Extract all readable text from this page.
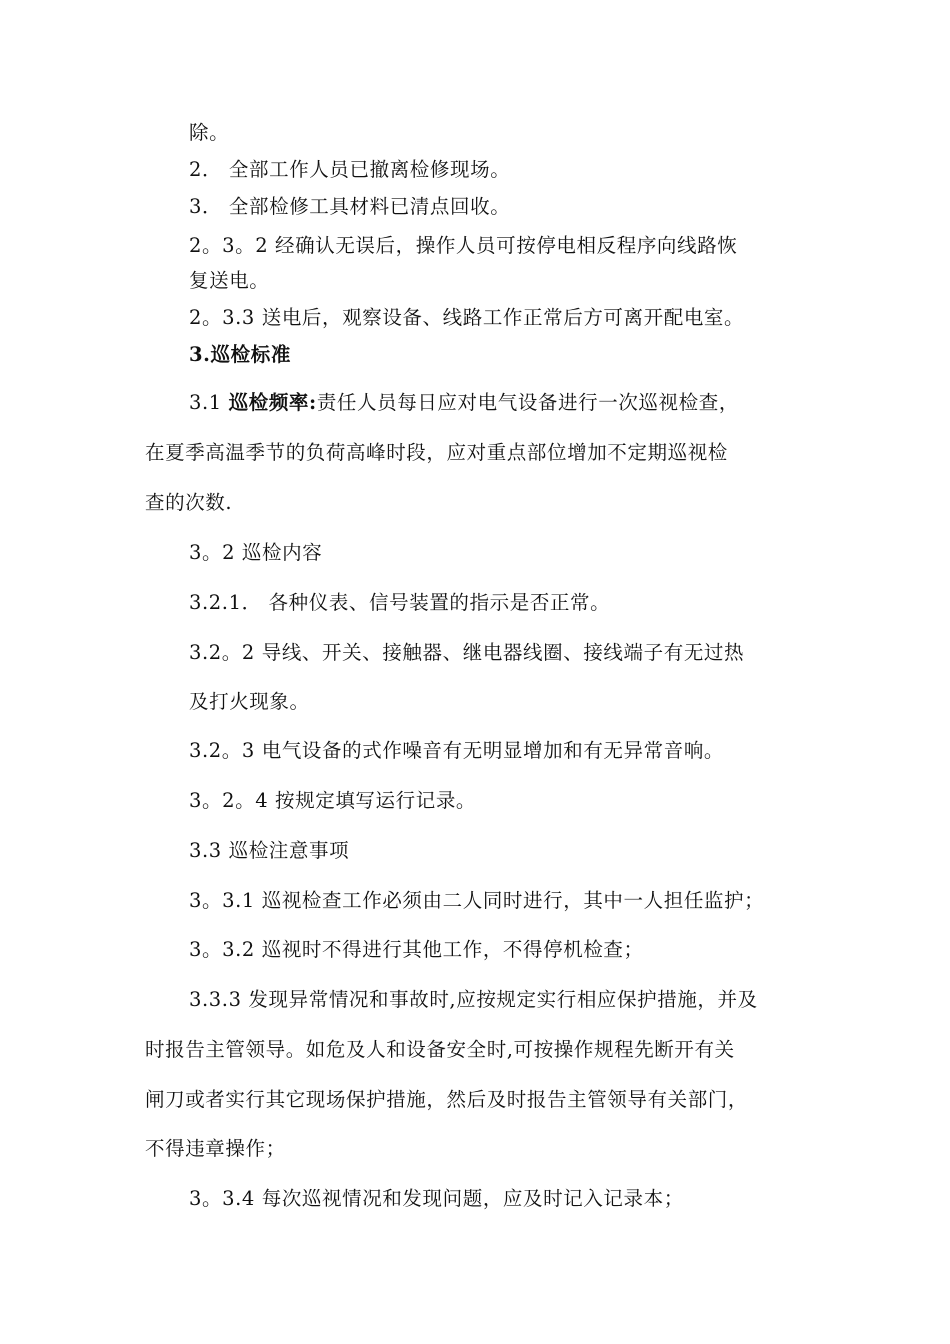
除。
2． 全部工作人员已撤离检修现场。
3． 全部检修工具材料已清点回收。
2。3。2 经确认无误后，操作人员可按停电相反程序向线路恢
复送电。
2。3.3 送电后，观察设备、线路工作正常后方可离开配电室。
3.巡检标准
3.1 巡检频率:责任人员每日应对电气设备进行一次巡视检查，
在夏季高温季节的负荷高峰时段，应对重点部位增加不定期巡视检
查的次数.
3。2 巡检内容
3.2.1． 各种仪表、信号装置的指示是否正常。
3.2。2 导线、开关、接触器、继电器线圈、接线端子有无过热
及打火现象。
3.2。3 电气设备的式作噪音有无明显增加和有无异常音响。
3。2。4 按规定填写运行记录。
3.3 巡检注意事项
3。3.1 巡视检查工作必须由二人同时进行，其中一人担任监护；
3。3.2 巡视时不得进行其他工作，不得停机检查；
3.3.3 发现异常情况和事故时,应按规定实行相应保护措施，并及
时报告主管领导。如危及人和设备安全时,可按操作规程先断开有关
闸刀或者实行其它现场保护措施，然后及时报告主管领导有关部门，
不得违章操作；
3。3.4 每次巡视情况和发现问题，应及时记入记录本；
